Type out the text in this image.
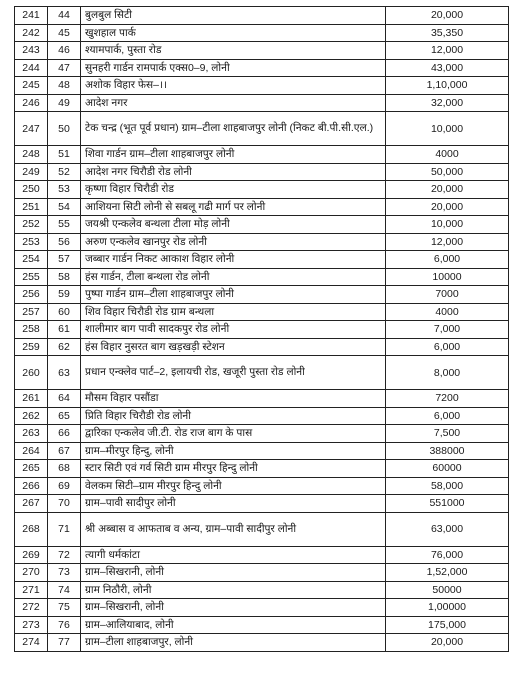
241	44	बुलबुल सिटी	20,000
242	45	खुशहाल पार्क	35,350
243	46	श्यामपार्क, पुस्ता रोड	12,000
244	47	सुनहरी गार्डन रामपार्क एक्स0–9, लोनी	43,000
245	48	अशोक विहार फेस–।।	1,10,000
246	49	आदेश नगर	32,000
247	50	टेक चन्द्र (भूत पूर्व प्रधान) ग्राम–टीला शाहबाजपुर लोनी (निकट बी.पी.सी.एल.)	10,000
248	51	शिवा गार्डन ग्राम–टीला शाहबाजपुर लोनी	4000
249	52	आदेश नगर चिरौडी रोड लोनी	50,000
250	53	कृष्णा विहार चिरौडी रोड	20,000
251	54	आशियना सिटी लोनी से सबलू गढी मार्ग पर लोनी	20,000
252	55	जयश्री एन्कलेव बन्थला टीला मोड़ लोनी	10,000
253	56	अरुण एन्कलेव खानपुर रोड लोनी	12,000
254	57	जब्बार गार्डन निकट आकाश विहार लोनी	6,000
255	58	हंस गार्डन, टीला बन्थला रोड लोनी	10000
256	59	पुष्पा गार्डन ग्राम–टीला शाहबाजपुर लोनी	7000
257	60	शिव विहार चिरौडी रोड ग्राम बन्थला	4000
258	61	शालीमार बाग पावी सादकपुर रोड लोनी	7,000
259	62	हंस विहार नुसरत बाग खड़खड़ी स्टेशन	6,000
260	63	प्रधान एन्क्लेव पार्ट–2, इलायची रोड, खजूरी पुस्ता रोड लोनी	8,000
261	64	मौसम विहार पसौंडा	7200
262	65	प्रिति विहार चिरौडी रोड लोनी	6,000
263	66	द्वारिका एन्कलेव जी.टी. रोड राज बाग के पास	7,500
264	67	ग्राम–मीरपुर हिन्दु, लोनी	388000
265	68	स्टार सिटी एवं गर्व सिटी ग्राम मीरपुर हिन्दु लोनी	60000
266	69	वेलकम सिटी–ग्राम मीरपुर हिन्दु लोनी	58,000
267	70	ग्राम–पावी सादीपुर लोनी	551000
268	71	श्री अब्बास व आफताब व अन्य, ग्राम–पावी सादीपुर लोनी	63,000
269	72	त्यागी धर्मकांटा	76,000
270	73	ग्राम–सिखरानी, लोनी	1,52,000
271	74	ग्राम निठौरी, लोनी	50000
272	75	ग्राम–सिखरानी, लोनी	1,00000
273	76	ग्राम–आलियाबाद, लोनी	175,000
274	77	ग्राम–टीला शाहबाजपुर, लोनी	20,000
